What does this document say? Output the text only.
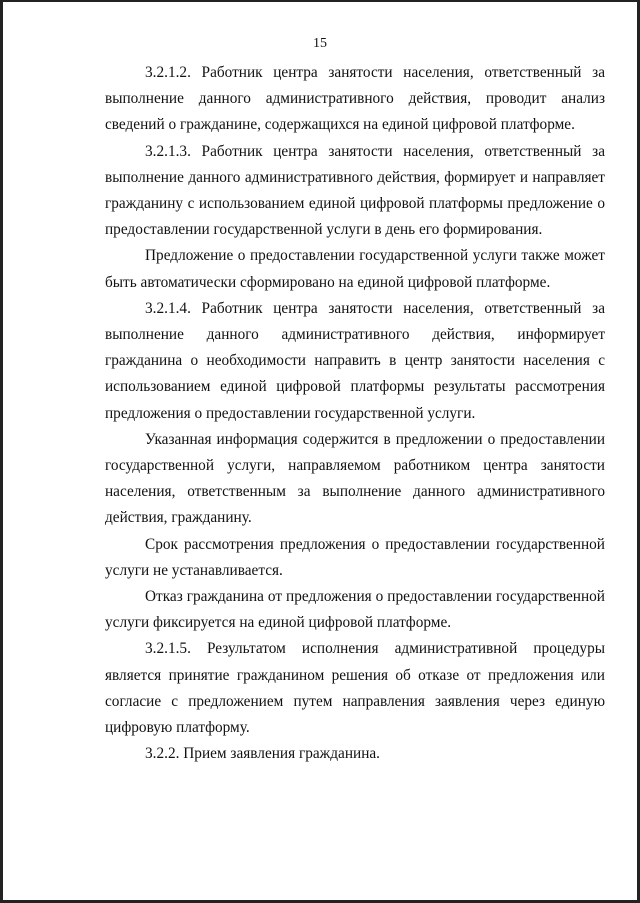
15

3.2.1.2. Работник центра занятости населения, ответственный за выполнение данного административного действия, проводит анализ сведений о гражданине, содержащихся на единой цифровой платформе.

3.2.1.3. Работник центра занятости населения, ответственный за выполнение данного административного действия, формирует и направляет гражданину с использованием единой цифровой платформы предложение о предоставлении государственной услуги в день его формирования.

Предложение о предоставлении государственной услуги также может быть автоматически сформировано на единой цифровой платформе.

3.2.1.4. Работник центра занятости населения, ответственный за выполнение данного административного действия, информирует гражданина о необходимости направить в центр занятости населения с использованием единой цифровой платформы результаты рассмотрения предложения о предоставлении государственной услуги.

Указанная информация содержится в предложении о предоставлении государственной услуги, направляемом работником центра занятости населения, ответственным за выполнение данного административного действия, гражданину.

Срок рассмотрения предложения о предоставлении государственной услуги не устанавливается.

Отказ гражданина от предложения о предоставлении государственной услуги фиксируется на единой цифровой платформе.

3.2.1.5. Результатом исполнения административной процедуры является принятие гражданином решения об отказе от предложения или согласие с предложением путем направления заявления через единую цифровую платформу.

3.2.2. Прием заявления гражданина.
